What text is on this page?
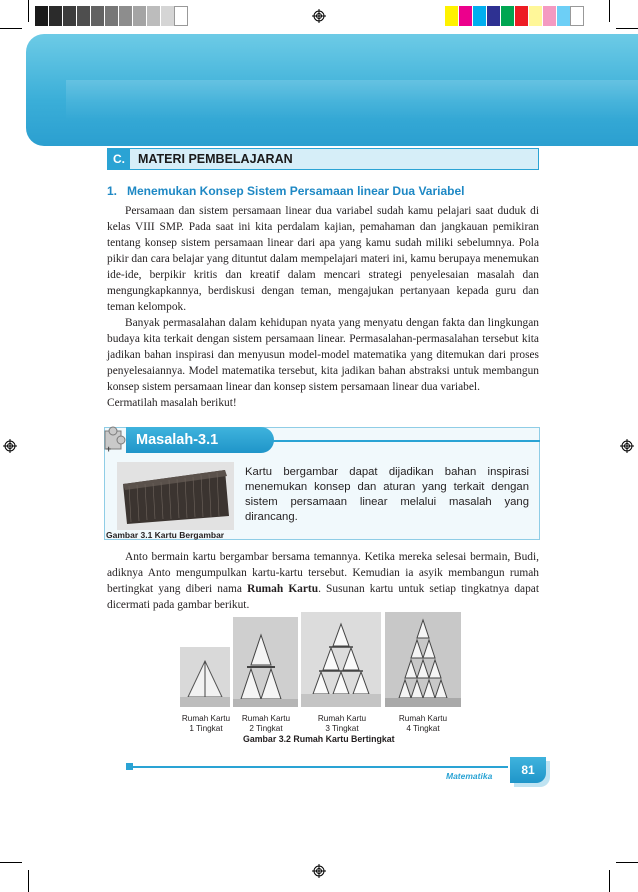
C.	MATERI PEMBELAJARAN
1. Menemukan Konsep Sistem Persamaan linear Dua Variabel

Persamaan dan sistem persamaan linear dua variabel sudah kamu pelajari saat duduk di kelas VIII SMP. Pada saat ini kita perdalam kajian, pemahaman dan jangkauan pemikiran tentang konsep sistem persamaan linear dari apa yang kamu sudah miliki sebelumnya. Pola pikir dan cara belajar yang dituntut dalam mempelajari materi ini, kamu berupaya menemukan ide-ide, berpikir kritis dan kreatif dalam mencari strategi penyelesaian masalah dan mengungkapkannya, berdiskusi dengan teman, mengajukan pertanyaan kepada guru dan teman kelompok.

Banyak permasalahan dalam kehidupan nyata yang menyatu dengan fakta dan lingkungan budaya kita terkait dengan sistem persamaan linear. Permasalahan-permasalahan tersebut kita jadikan bahan inspirasi dan menyusun model-model matematika yang ditemukan dari proses penyelesaiannya. Model matematika tersebut, kita jadikan bahan abstraksi untuk membangun konsep sistem persamaan linear dan konsep sistem persamaan linear dua variabel.

Cermatilah masalah berikut!

Masalah-3.1
+
Kartu bergambar dapat dijadikan bahan inspirasi menemukan konsep dan aturan yang terkait dengan sistem persamaan linear melalui masalah yang dirancang.
Gambar 3.1 Kartu Bergambar

Anto bermain kartu bergambar bersama temannya. Ketika mereka selesai bermain, Budi, adiknya Anto mengumpulkan kartu-kartu tersebut. Kemudian ia asyik membangun rumah bertingkat yang diberi nama Rumah Kartu. Susunan kartu untuk setiap tingkatnya dapat dicermati pada gambar berikut.

Rumah Kartu
1 Tingkat
Rumah Kartu
2 Tingkat
Rumah Kartu
3 Tingkat
Rumah Kartu
4 Tingkat
Gambar 3.2 Rumah Kartu Bertingkat
Matematika	81
